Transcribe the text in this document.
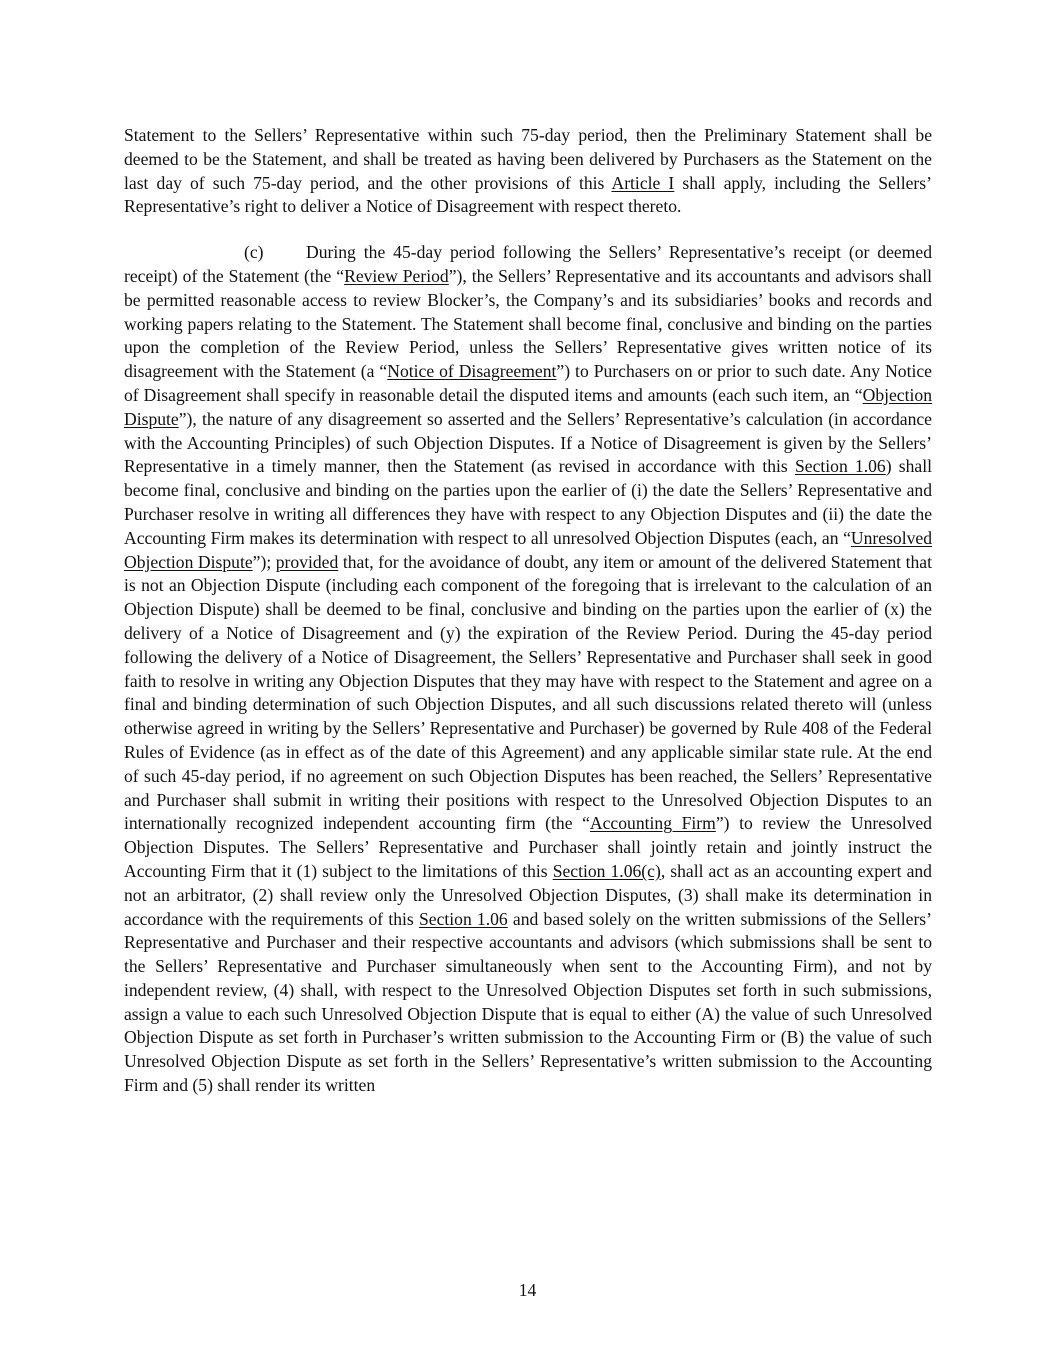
Statement to the Sellers’ Representative within such 75-day period, then the Preliminary Statement shall be deemed to be the Statement, and shall be treated as having been delivered by Purchasers as the Statement on the last day of such 75-day period, and the other provisions of this Article I shall apply, including the Sellers’ Representative’s right to deliver a Notice of Disagreement with respect thereto.

(c) During the 45-day period following the Sellers’ Representative’s receipt (or deemed receipt) of the Statement (the “Review Period”), the Sellers’ Representative and its accountants and advisors shall be permitted reasonable access to review Blocker’s, the Company’s and its subsidiaries’ books and records and working papers relating to the Statement. The Statement shall become final, conclusive and binding on the parties upon the completion of the Review Period, unless the Sellers’ Representative gives written notice of its disagreement with the Statement (a “Notice of Disagreement”) to Purchasers on or prior to such date. Any Notice of Disagreement shall specify in reasonable detail the disputed items and amounts (each such item, an “Objection Dispute”), the nature of any disagreement so asserted and the Sellers’ Representative’s calculation (in accordance with the Accounting Principles) of such Objection Disputes. If a Notice of Disagreement is given by the Sellers’ Representative in a timely manner, then the Statement (as revised in accordance with this Section 1.06) shall become final, conclusive and binding on the parties upon the earlier of (i) the date the Sellers’ Representative and Purchaser resolve in writing all differences they have with respect to any Objection Disputes and (ii) the date the Accounting Firm makes its determination with respect to all unresolved Objection Disputes (each, an “Unresolved Objection Dispute”); provided that, for the avoidance of doubt, any item or amount of the delivered Statement that is not an Objection Dispute (including each component of the foregoing that is irrelevant to the calculation of an Objection Dispute) shall be deemed to be final, conclusive and binding on the parties upon the earlier of (x) the delivery of a Notice of Disagreement and (y) the expiration of the Review Period. During the 45-day period following the delivery of a Notice of Disagreement, the Sellers’ Representative and Purchaser shall seek in good faith to resolve in writing any Objection Disputes that they may have with respect to the Statement and agree on a final and binding determination of such Objection Disputes, and all such discussions related thereto will (unless otherwise agreed in writing by the Sellers’ Representative and Purchaser) be governed by Rule 408 of the Federal Rules of Evidence (as in effect as of the date of this Agreement) and any applicable similar state rule. At the end of such 45-day period, if no agreement on such Objection Disputes has been reached, the Sellers’ Representative and Purchaser shall submit in writing their positions with respect to the Unresolved Objection Disputes to an internationally recognized independent accounting firm (the “Accounting Firm”) to review the Unresolved Objection Disputes. The Sellers’ Representative and Purchaser shall jointly retain and jointly instruct the Accounting Firm that it (1) subject to the limitations of this Section 1.06(c), shall act as an accounting expert and not an arbitrator, (2) shall review only the Unresolved Objection Disputes, (3) shall make its determination in accordance with the requirements of this Section 1.06 and based solely on the written submissions of the Sellers’ Representative and Purchaser and their respective accountants and advisors (which submissions shall be sent to the Sellers’ Representative and Purchaser simultaneously when sent to the Accounting Firm), and not by independent review, (4) shall, with respect to the Unresolved Objection Disputes set forth in such submissions, assign a value to each such Unresolved Objection Dispute that is equal to either (A) the value of such Unresolved Objection Dispute as set forth in Purchaser’s written submission to the Accounting Firm or (B) the value of such Unresolved Objection Dispute as set forth in the Sellers’ Representative’s written submission to the Accounting Firm and (5) shall render its written

14
